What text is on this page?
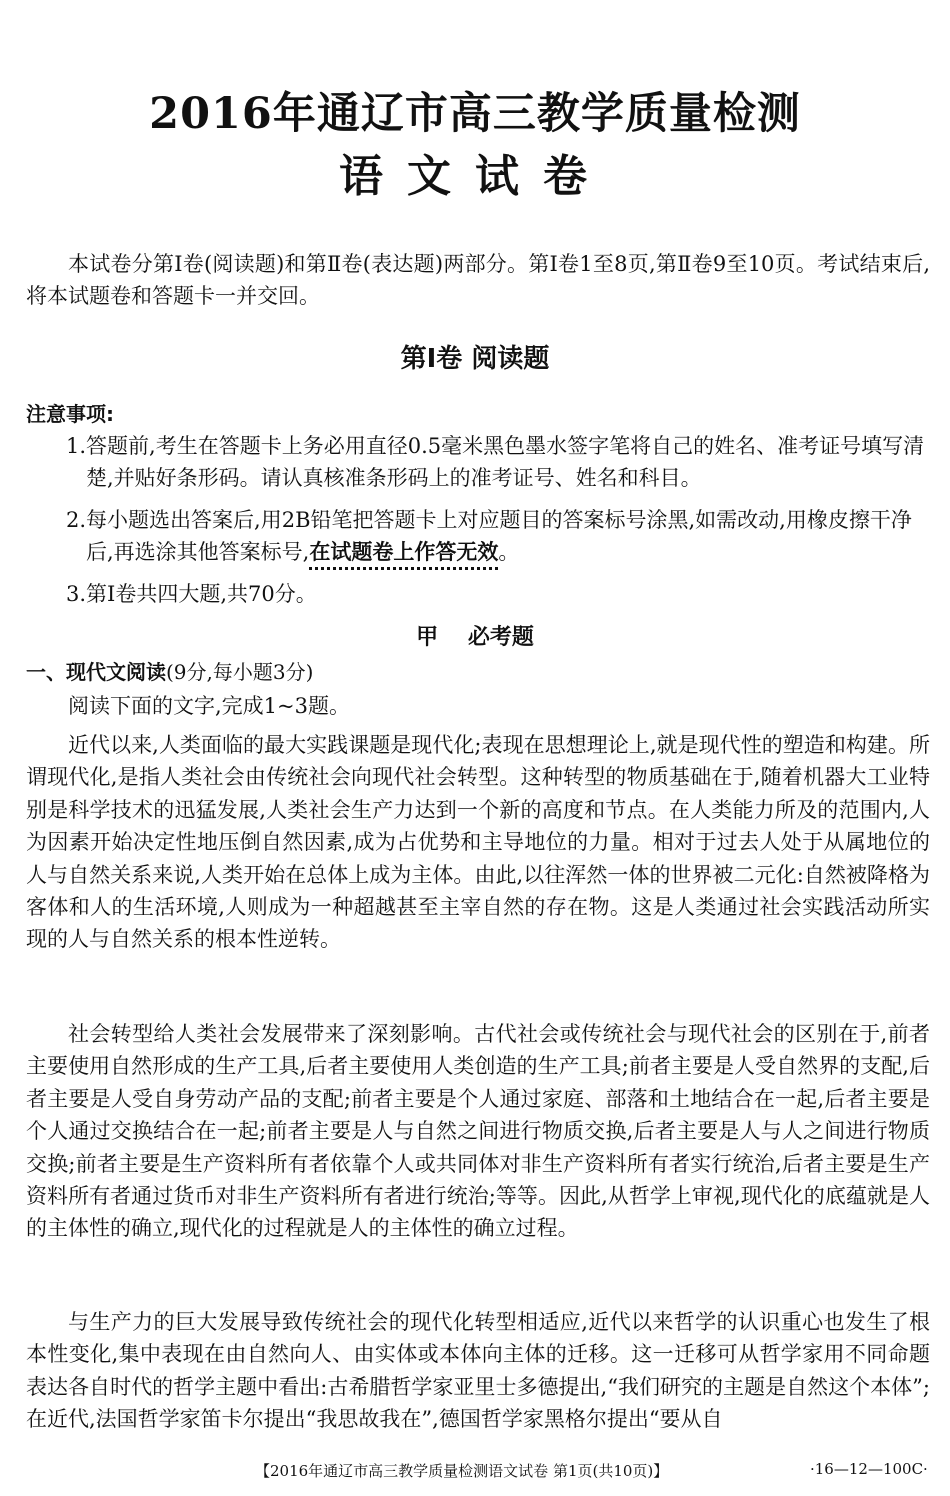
2016年通辽市高三教学质量检测
语文试卷
本试卷分第Ⅰ卷(阅读题)和第Ⅱ卷(表达题)两部分。第Ⅰ卷1至8页,第Ⅱ卷9至10页。考试结束后,将本试题卷和答题卡一并交回。
第Ⅰ卷 阅读题
注意事项:
1.答题前,考生在答题卡上务必用直径0.5毫米黑色墨水签字笔将自己的姓名、准考证号填写清楚,并贴好条形码。请认真核准条形码上的准考证号、姓名和科目。
2.每小题选出答案后,用2B铅笔把答题卡上对应题目的答案标号涂黑,如需改动,用橡皮擦干净后,再选涂其他答案标号,在试题卷上作答无效。
3.第Ⅰ卷共四大题,共70分。
甲 必考题
一、现代文阅读(9分,每小题3分)
阅读下面的文字,完成1~3题。
近代以来,人类面临的最大实践课题是现代化;表现在思想理论上,就是现代性的塑造和构建。所谓现代化,是指人类社会由传统社会向现代社会转型。这种转型的物质基础在于,随着机器大工业特别是科学技术的迅猛发展,人类社会生产力达到一个新的高度和节点。在人类能力所及的范围内,人为因素开始决定性地压倒自然因素,成为占优势和主导地位的力量。相对于过去人处于从属地位的人与自然关系来说,人类开始在总体上成为主体。由此,以往浑然一体的世界被二元化:自然被降格为客体和人的生活环境,人则成为一种超越甚至主宰自然的存在物。这是人类通过社会实践活动所实现的人与自然关系的根本性逆转。
社会转型给人类社会发展带来了深刻影响。古代社会或传统社会与现代社会的区别在于,前者主要使用自然形成的生产工具,后者主要使用人类创造的生产工具;前者主要是人受自然界的支配,后者主要是人受自身劳动产品的支配;前者主要是个人通过家庭、部落和土地结合在一起,后者主要是个人通过交换结合在一起;前者主要是人与自然之间进行物质交换,后者主要是人与人之间进行物质交换;前者主要是生产资料所有者依靠个人或共同体对非生产资料所有者实行统治,后者主要是生产资料所有者通过货币对非生产资料所有者进行统治;等等。因此,从哲学上审视,现代化的底蕴就是人的主体性的确立,现代化的过程就是人的主体性的确立过程。
与生产力的巨大发展导致传统社会的现代化转型相适应,近代以来哲学的认识重心也发生了根本性变化,集中表现在由自然向人、由实体或本体向主体的迁移。这一迁移可从哲学家用不同命题表达各自时代的哲学主题中看出:古希腊哲学家亚里士多德提出,“我们研究的主题是自然这个本体”;在近代,法国哲学家笛卡尔提出“我思故我在”,德国哲学家黑格尔提出“要从自
【2016年通辽市高三教学质量检测语文试卷 第1页(共10页)】	·16—12—100C·
